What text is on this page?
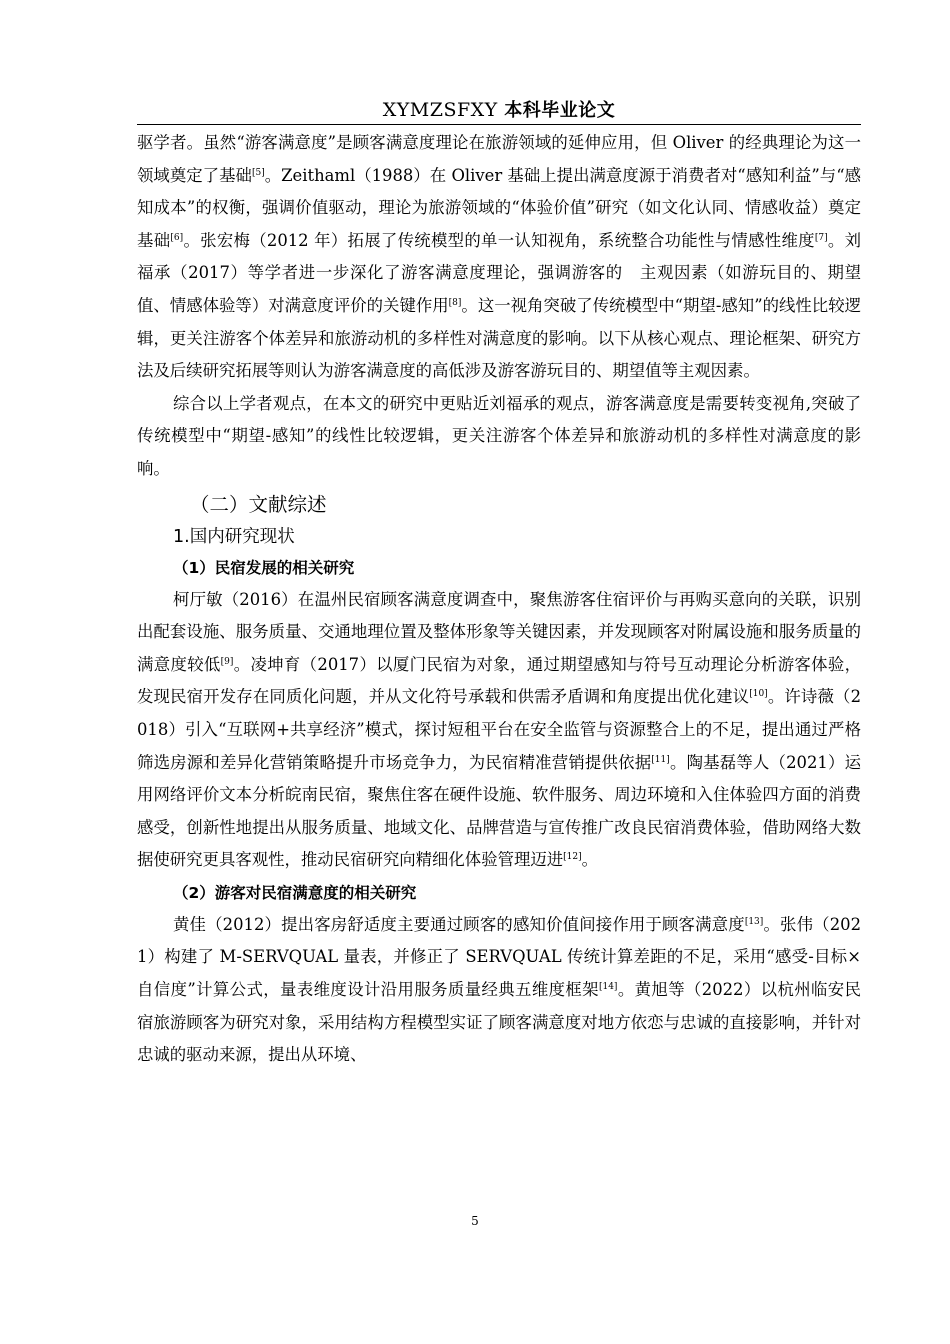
XYMZSFXY 本科毕业论文

驱学者。虽然“游客满意度”是顾客满意度理论在旅游领域的延伸应用，但 Oliver 的经典理论为这一领域奠定了基础[5]。Zeithaml（1988）在 Oliver 基础上提出满意度源于消费者对“感知利益”与“感知成本”的权衡，强调价值驱动，理论为旅游领域的“体验价值”研究（如文化认同、情感收益）奠定基础[6]。张宏梅（2012 年）拓展了传统模型的单一认知视角，系统整合功能性与情感性维度[7]。刘福承（2017）等学者进一步深化了游客满意度理论，强调游客的　主观因素（如游玩目的、期望值、情感体验等）对满意度评价的关键作用[8]。这一视角突破了传统模型中“期望-感知”的线性比较逻辑，更关注游客个体差异和旅游动机的多样性对满意度的影响。以下从核心观点、理论框架、研究方法及后续研究拓展等则认为游客满意度的高低涉及游客游玩目的、期望值等主观因素。

综合以上学者观点，在本文的研究中更贴近刘福承的观点，游客满意度是需要转变视角,突破了传统模型中“期望-感知”的线性比较逻辑，更关注游客个体差异和旅游动机的多样性对满意度的影响。

（二）文献综述
1.国内研究现状
（1）民宿发展的相关研究

柯厅敏（2016）在温州民宿顾客满意度调查中，聚焦游客住宿评价与再购买意向的关联，识别出配套设施、服务质量、交通地理位置及整体形象等关键因素，并发现顾客对附属设施和服务质量的满意度较低[9]。凌坤育（2017）以厦门民宿为对象，通过期望感知与符号互动理论分析游客体验，发现民宿开发存在同质化问题，并从文化符号承载和供需矛盾调和角度提出优化建议[10]。许诗薇（2018）引入“互联网+共享经济”模式，探讨短租平台在安全监管与资源整合上的不足，提出通过严格筛选房源和差异化营销策略提升市场竞争力，为民宿精准营销提供依据[11]。陶基磊等人（2021）运用网络评价文本分析皖南民宿，聚焦住客在硬件设施、软件服务、周边环境和入住体验四方面的消费感受，创新性地提出从服务质量、地域文化、品牌营造与宣传推广改良民宿消费体验，借助网络大数据使研究更具客观性，推动民宿研究向精细化体验管理迈进[12]。

（2）游客对民宿满意度的相关研究

黄佳（2012）提出客房舒适度主要通过顾客的感知价值间接作用于顾客满意度[13]。张伟（2021）构建了 M-SERVQUAL 量表，并修正了 SERVQUAL 传统计算差距的不足，采用“感受-目标×自信度”计算公式，量表维度设计沿用服务质量经典五维度框架[14]。黄旭等（2022）以杭州临安民宿旅游顾客为研究对象，采用结构方程模型实证了顾客满意度对地方依恋与忠诚的直接影响，并针对忠诚的驱动来源，提出从环境、

5
